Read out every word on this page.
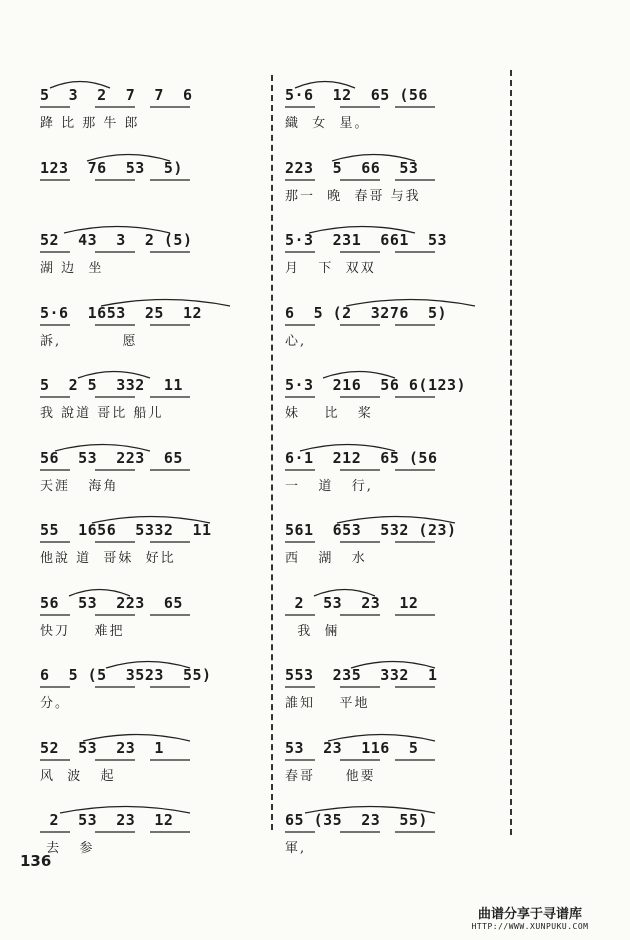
5  3  2  7  7  6
跭 比 那 牛 郎
123  76  53  5)
52  43  3  2 (5)
湖 边  坐
5·6  1653  25  12
訴,          愿
5  2 5  332  11
我 說道 哥比 船儿
56  53  223  65
天涯   海角
55  1656  5332  11
他說 道  哥妹  好比
56  53  223  65
快刀    难把
6  5 (5  3523  55)
分。
52  53  23  1
风  波   起
2  53  23  12
去   参
5·6  12  65 (56
織  女  星。
223  5  66  53
那一  晚  春哥 与我
5·3  231  661  53
月   下  双双
6  5 (2  3276  5)
心,
5·3  216  56 6(123)
妹    比   桨
6·1  212  65 (56
一   道   行,
561  653  532 (23)
西   湖   水
2  53  23  12
我  倆
553  235  332  1
誰知    平地
53  23  116  5
春哥     他要
65 (35  23  55)
軍,
136
曲谱分享于寻谱库
HTTP://WWW.XUNPUKU.COM
